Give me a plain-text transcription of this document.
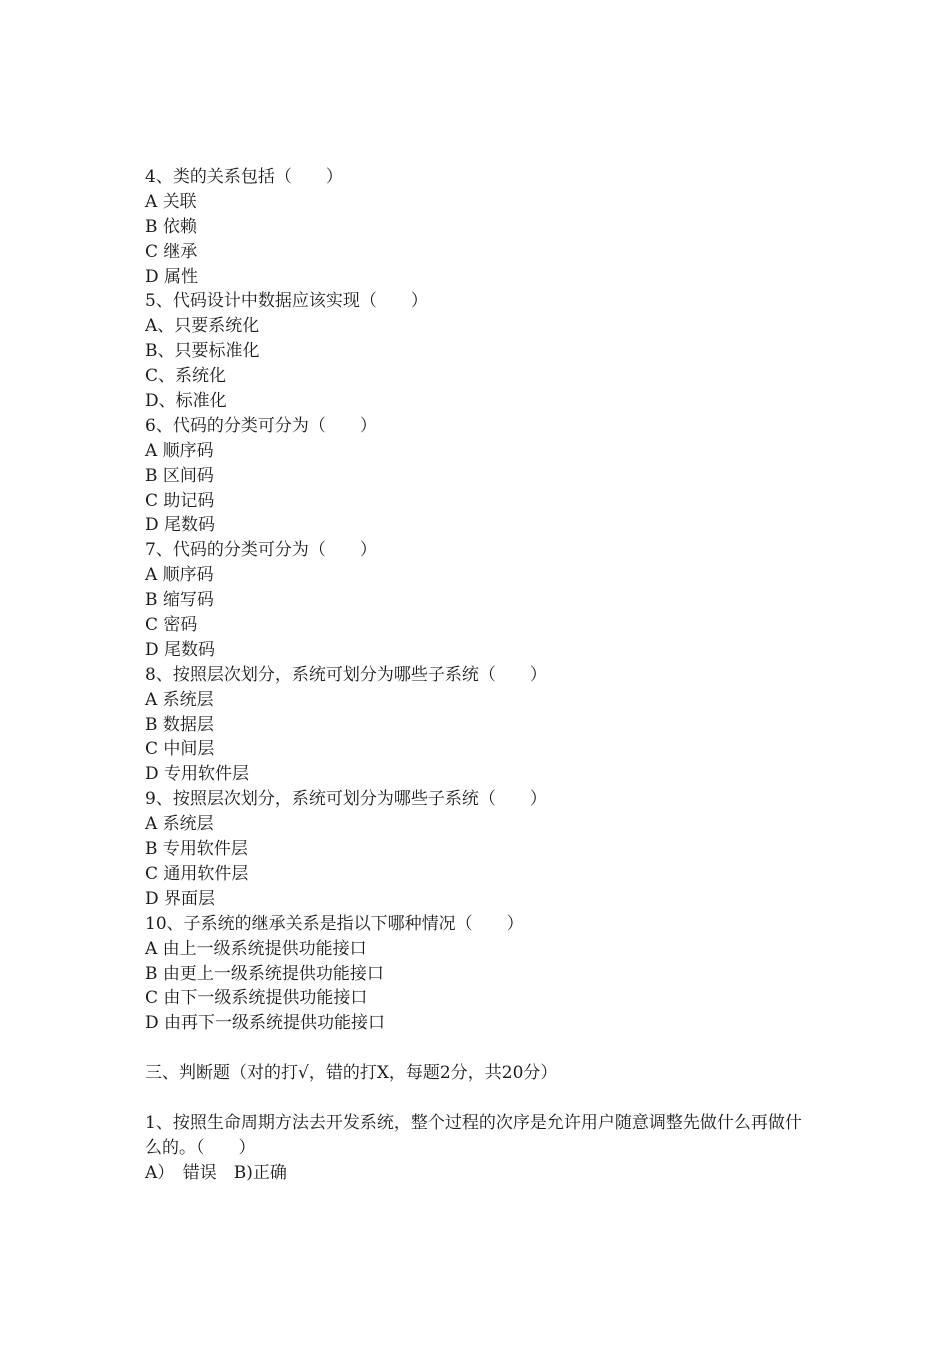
4、类的关系包括（　　）

A 关联

B 依赖

C 继承

D 属性

5、代码设计中数据应该实现（　　）

A、只要系统化

B、只要标准化

C、系统化

D、标准化

6、代码的分类可分为（　　）

A 顺序码

B 区间码

C 助记码

D 尾数码

7、代码的分类可分为（　　）

A 顺序码

B 缩写码

C 密码

D 尾数码

8、按照层次划分，系统可划分为哪些子系统（　　）

A 系统层

B 数据层

C 中间层

D 专用软件层

9、按照层次划分，系统可划分为哪些子系统（　　）

A 系统层

B 专用软件层

C 通用软件层

D 界面层

10、子系统的继承关系是指以下哪种情况（　　）

A 由上一级系统提供功能接口

B 由更上一级系统提供功能接口

C 由下一级系统提供功能接口

D 由再下一级系统提供功能接口

三、判断题（对的打√，错的打X，每题2分，共20分）

1、按照生命周期方法去开发系统，整个过程的次序是允许用户随意调整先做什么再做什么的。（　　）

A）　错误　B)正确
